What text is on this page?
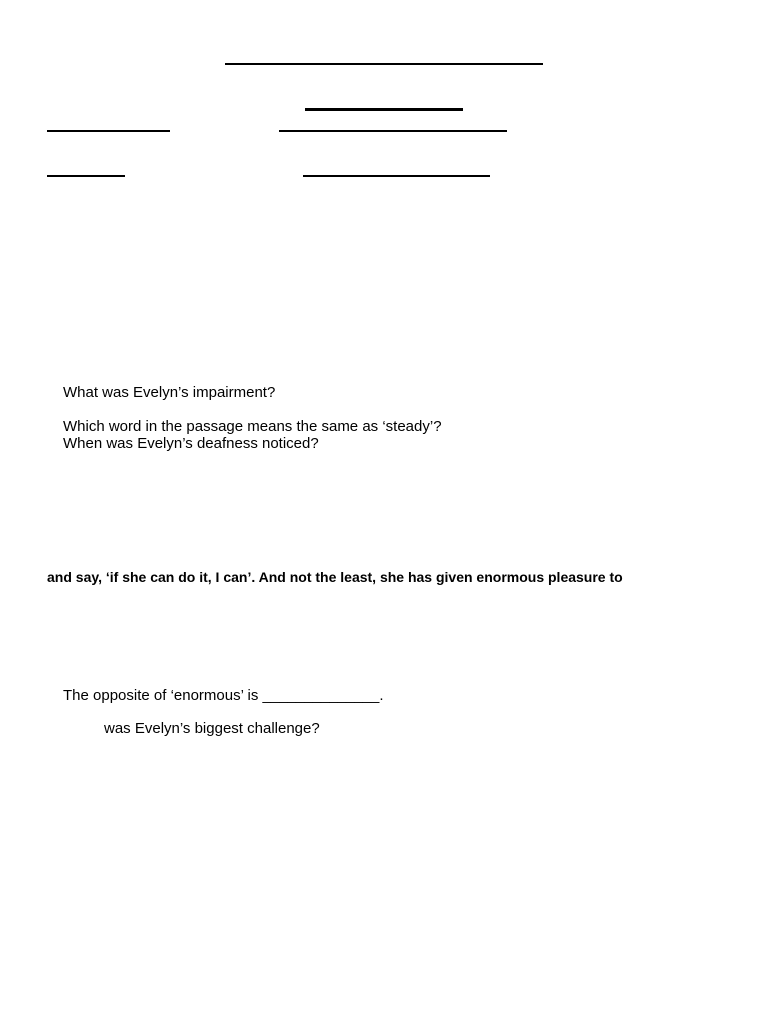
What was Evelyn’s impairment?
Which word in the passage means the same as ‘steady’?
When was Evelyn’s deafness noticed?
and say, ‘if she can do it, I can’. And not the least, she has given enormous pleasure to
The opposite of ‘enormous’ is ______________.
was Evelyn’s biggest challenge?
